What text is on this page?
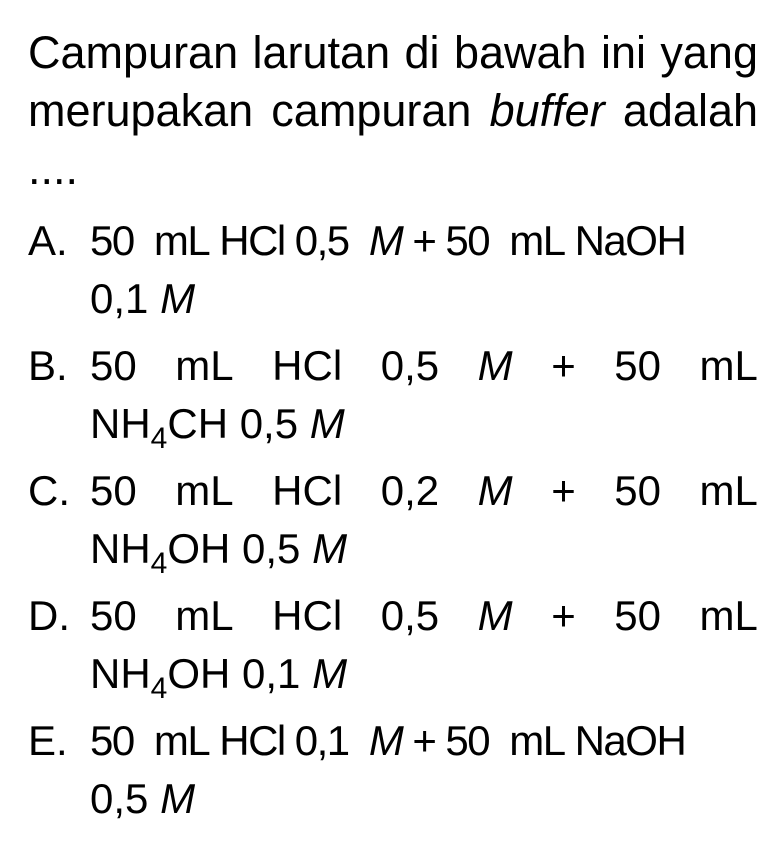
Campuran larutan di bawah ini yang merupakan campuran buffer adalah ....
A. 50 mL HCl 0,5 M + 50 mL NaOH
0,1 M
B. 50 mL HCl 0,5 M + 50 mL
$NH_4CH$ 0,5 M
C. 50 mL HCl 0,2 M + 50 mL
$NH_4OH$ 0,5 M
D. 50 mL HCl 0,5 M + 50 mL
$NH_4OH$ 0,1 M
E. 50 mL HCl 0,1 M + 50 mL NaOH
0,5 M
